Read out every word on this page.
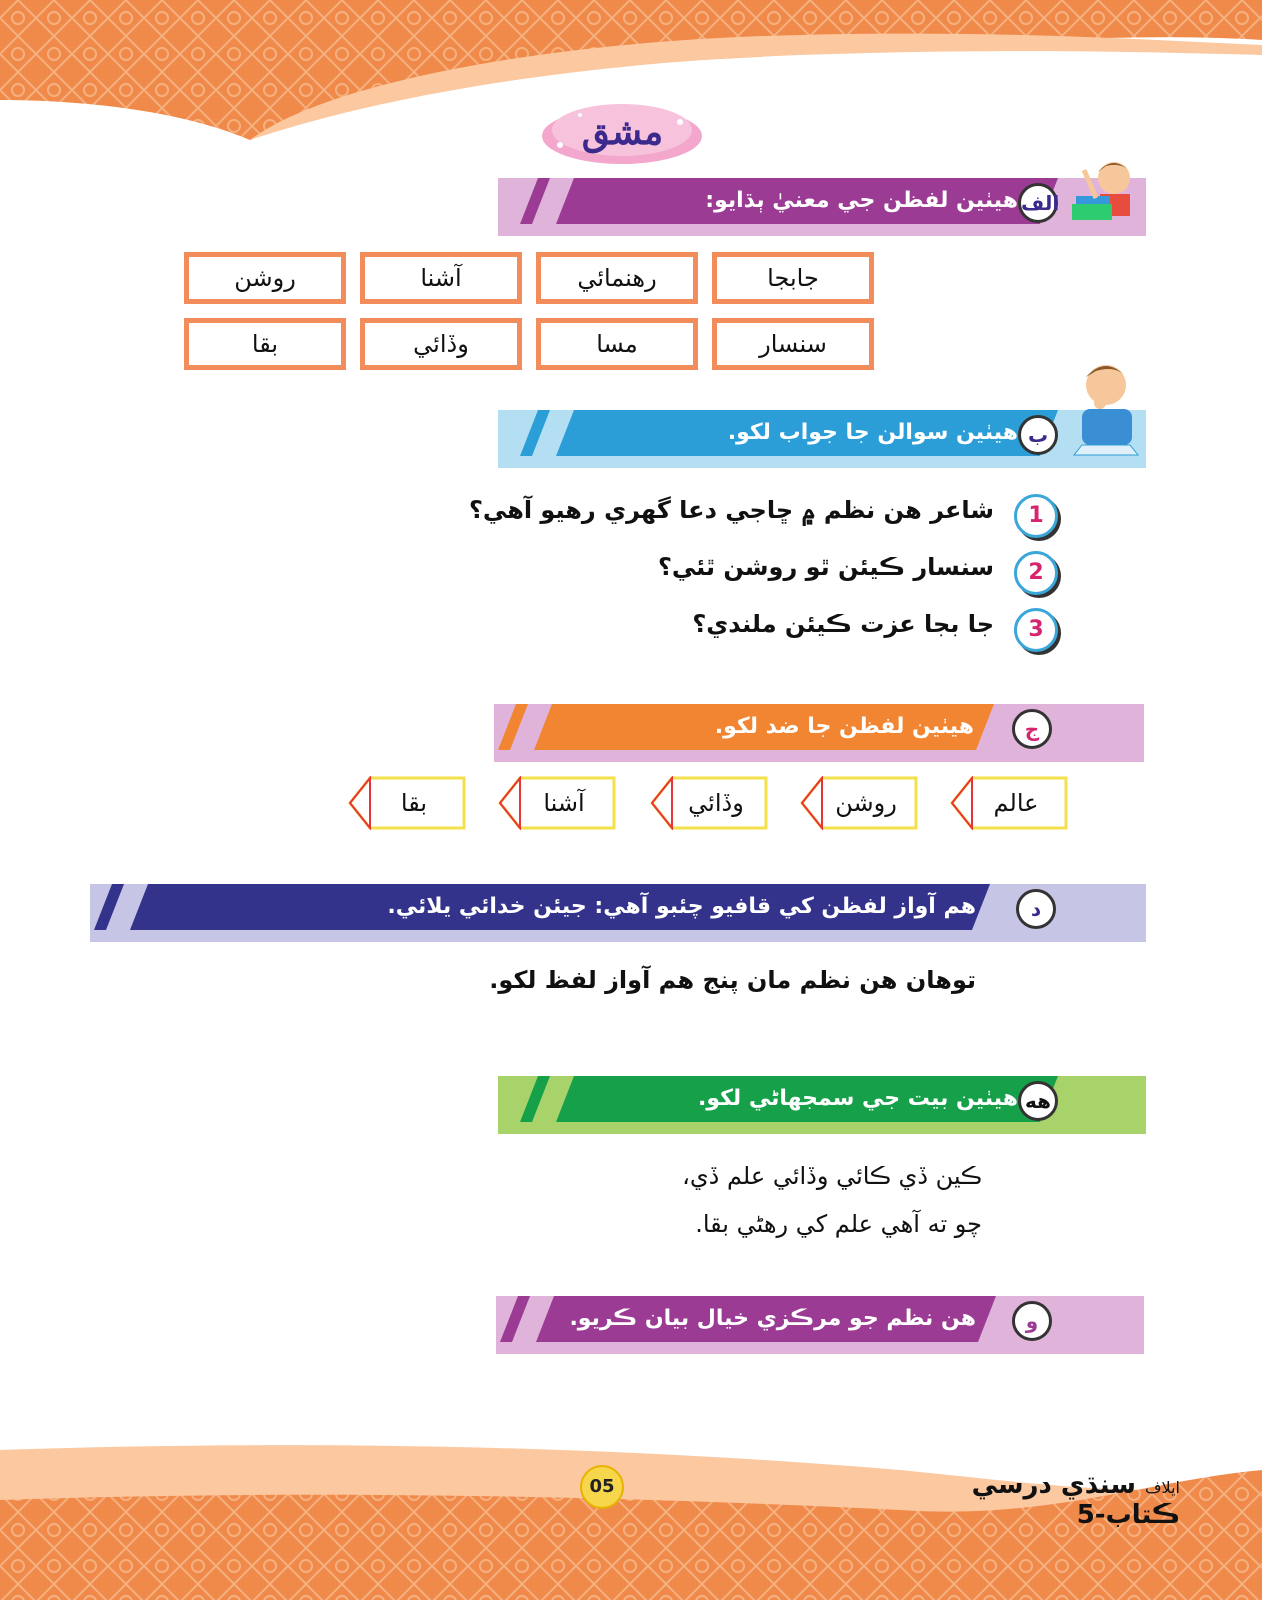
مشق
هيٺين لفظن جي معنيٰ ٻڌايو: الف
جابجا
رهنمائي
آشنا
روشن
سنسار
مسا
وڏائي
بقا
هيٺين سوالن جا جواب لکو. ب
1
شاعر هن نظم ۾ ڇاجي دعا گھري رهيو آهي؟
2
سنسار ڪيئن ٿو روشن ٿئي؟
3
جا بجا عزت ڪيئن ملندي؟
هيٺين لفظن جا ضد لکو.	ج
عالم
روشن
وڏائي
آشنا
بقا
هم آواز لفظن کي قافيو چئبو آهي: جيئن خدائي يلائي.	د
توهان هن نظم مان پنج هم آواز لفظ لکو.
هيٺين بيت جي سمجھاڻي لکو. هه
ڪين ڏي ڪائي وڏائي علم ڏي،
چو ته آهي علم کي رهڻي بقا.
هن نظم جو مرڪزي خيال بيان ڪريو.	و
05	ايلاف سنڌي درسي ڪتاب-5
